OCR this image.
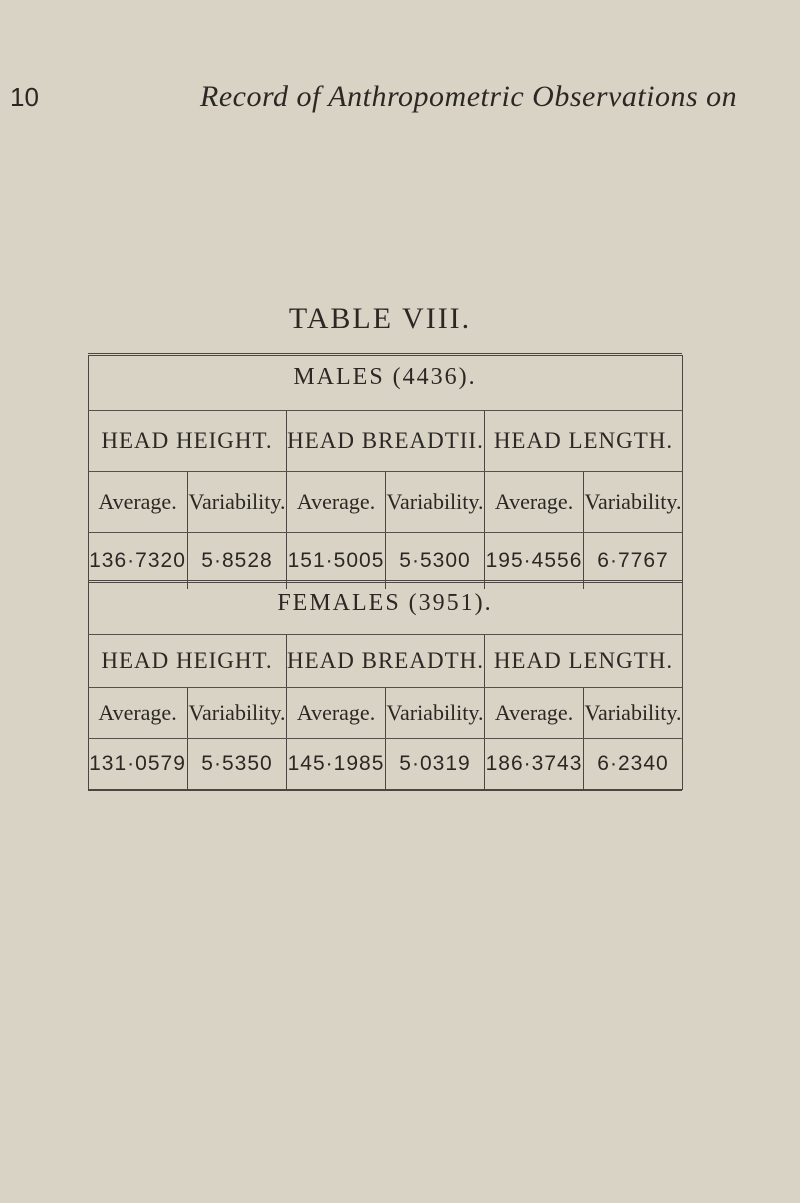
10	Record of Anthropometric Observations on
TABLE VIII.
MALES (4436).
HEAD HEIGHT. HEAD BREADTII. HEAD LENGTH.
Average. Variability. Average. Variability. Average. Variability.
136·7320 5·8528 151·5005 5·5300 195·4556 6·7767
FEMALES (3951).
HEAD HEIGHT. HEAD BREADTH. HEAD LENGTH.
Average. Variability. Average. Variability. Average. Variability.
131·0579 5·5350 145·1985 5·0319 186·3743 6·2340
